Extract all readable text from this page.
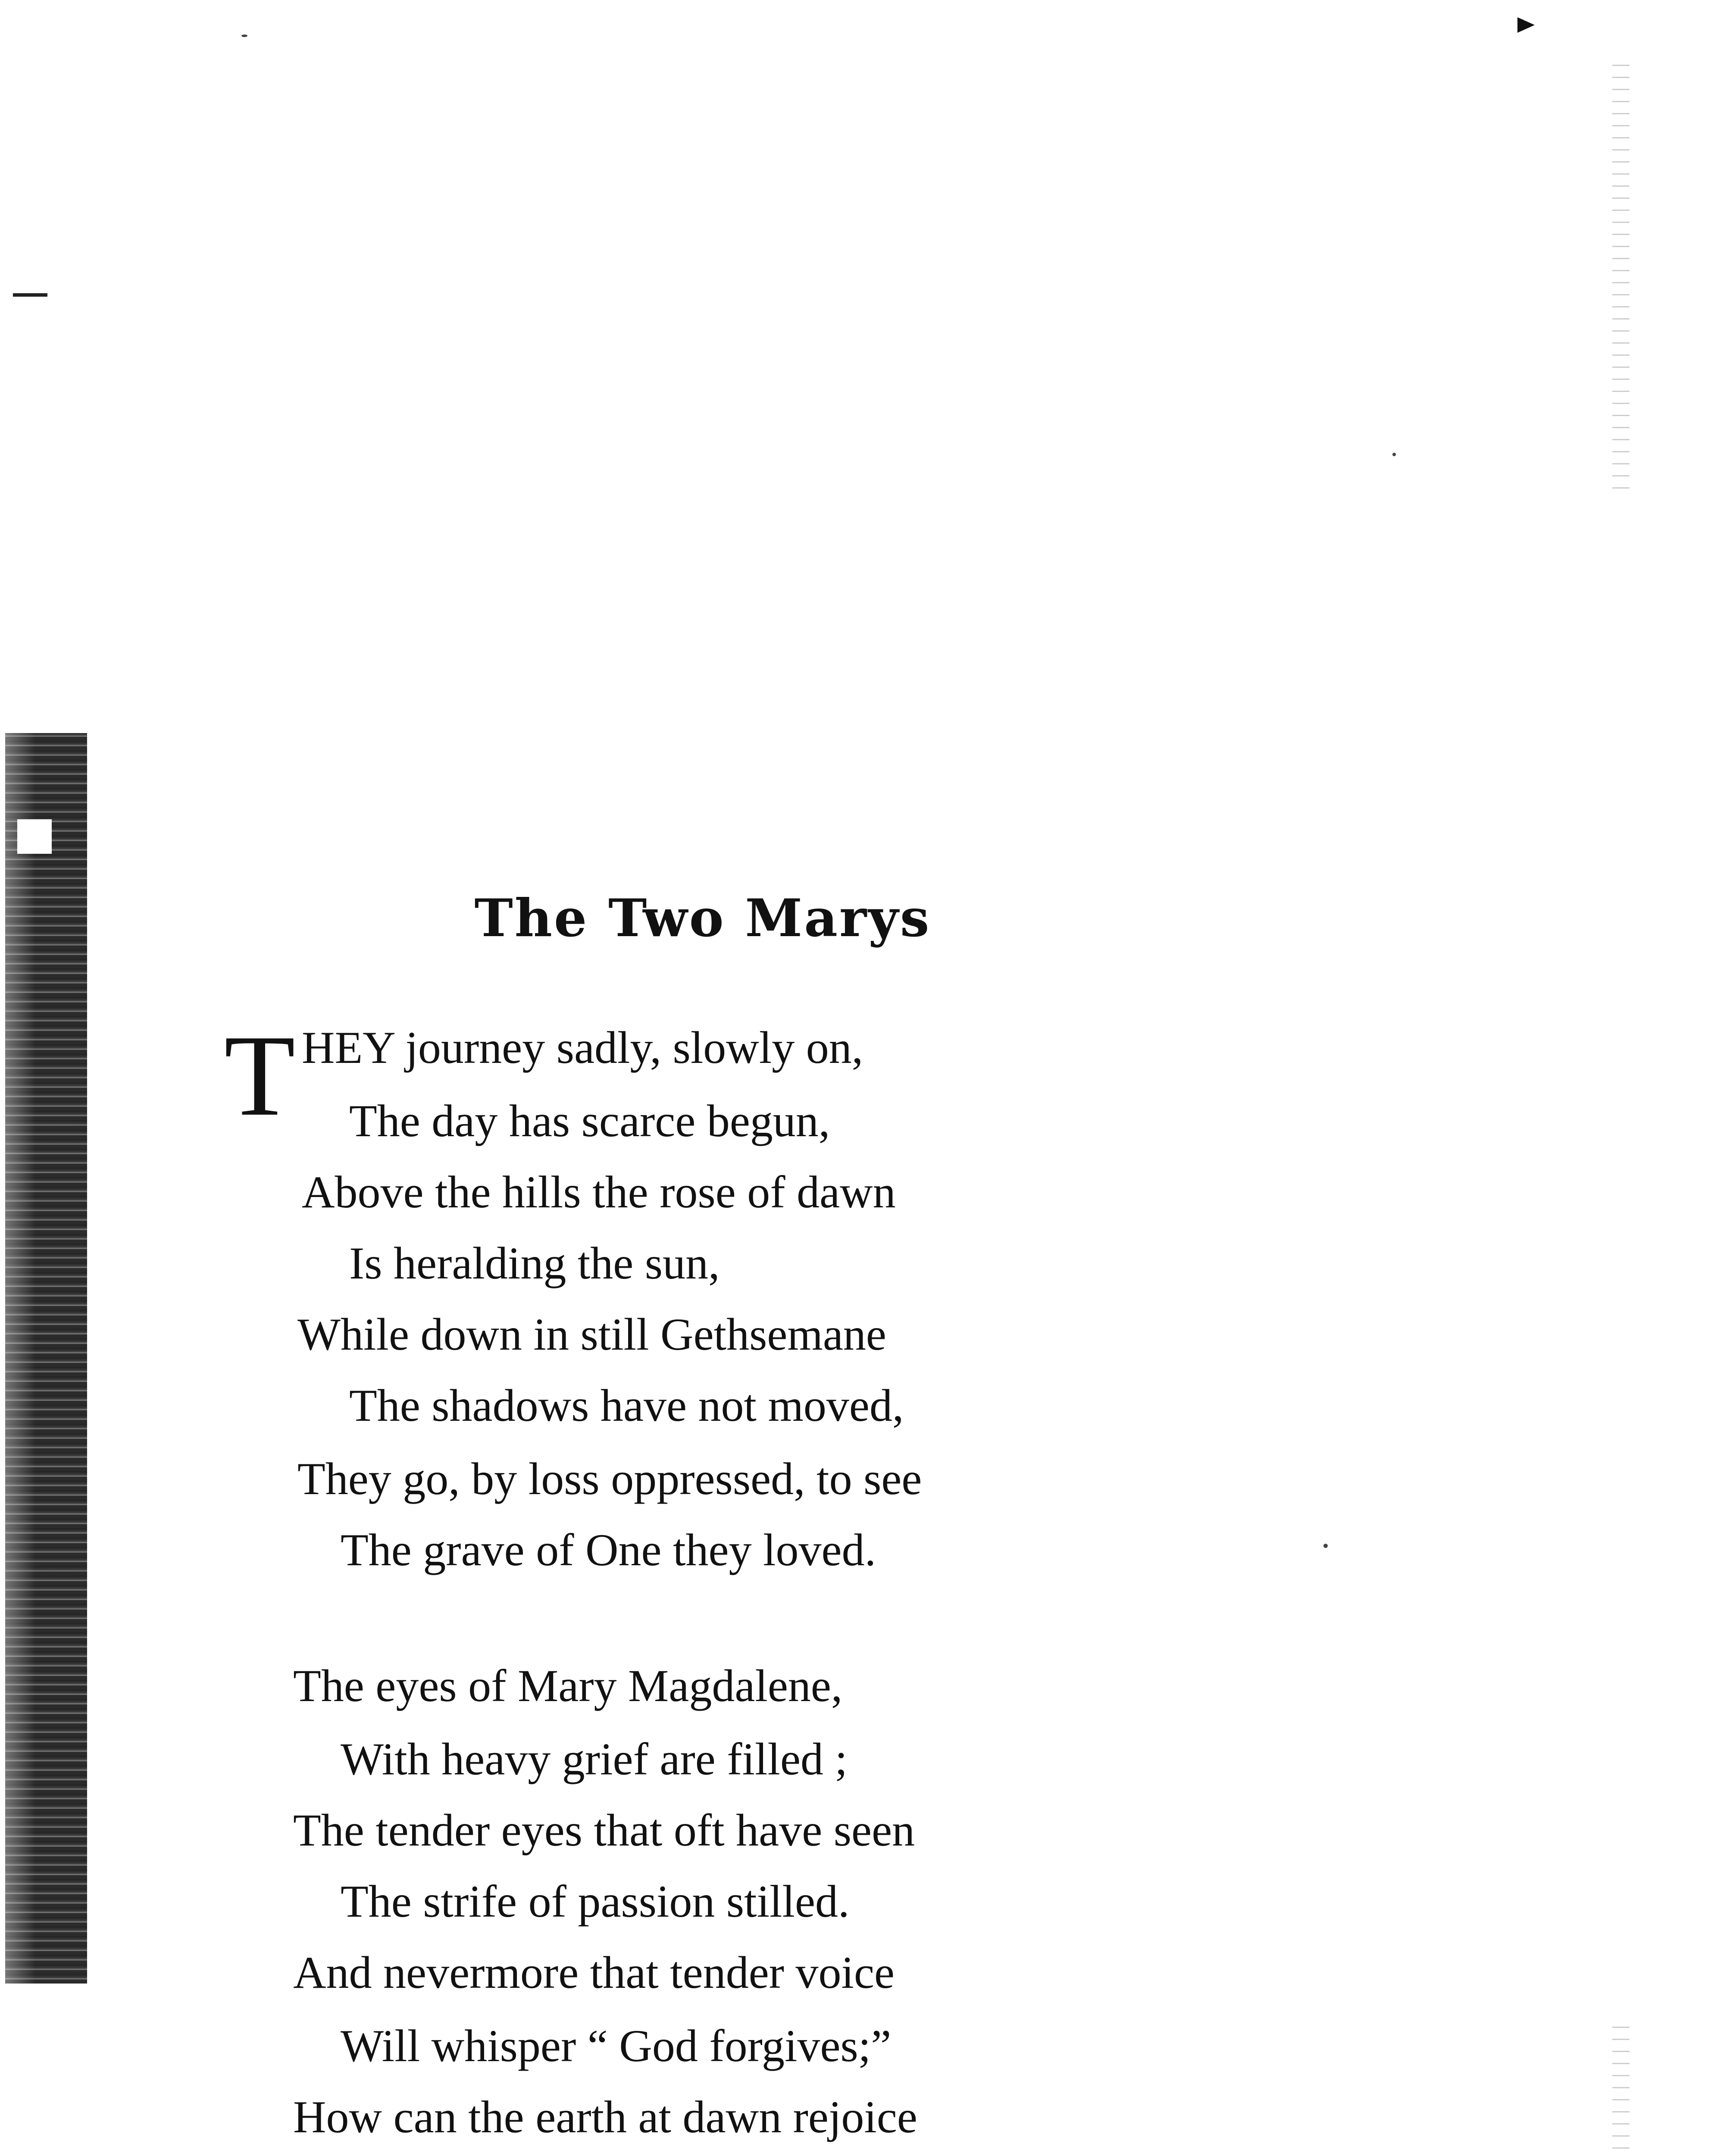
The Two Marys
T HEY journey sadly, slowly on,
The day has scarce begun,
Above the hills the rose of dawn
Is heralding the sun,
While down in still Gethsemane
The shadows have not moved,
They go, by loss oppressed, to see
The grave of One they loved.
The eyes of Mary Magdalene,
With heavy grief are filled ;
The tender eyes that oft have seen
The strife of passion stilled.
And nevermore that tender voice
Will whisper “ God forgives;”
How can the earth at dawn rejoice
